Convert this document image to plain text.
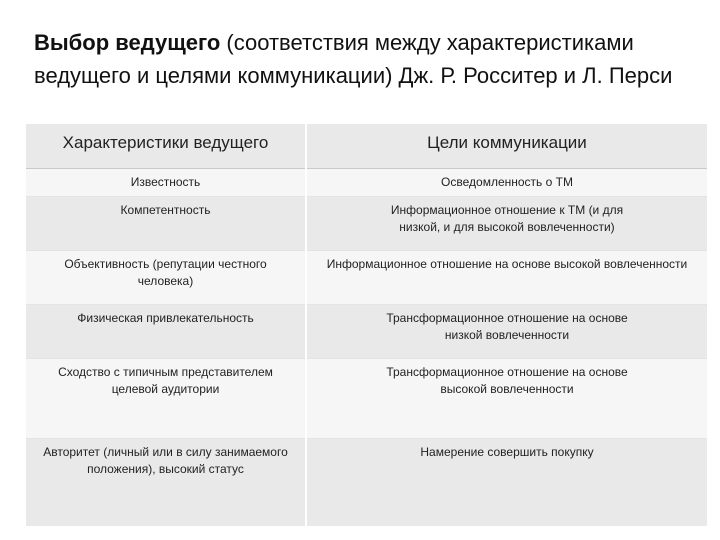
Выбор ведущего (соответствия между характеристиками ведущего и целями коммуникации) Дж. Р. Росситер и Л. Перси
Характеристики ведущего	Цели коммуникации

Известность	Осведомленность о ТМ

Компетентность	Информационное отношение к ТМ (и для низкой, и для высокой вовлеченности)

Объективность (репутации честного человека)	Информационное отношение на основе высокой вовлеченности

Физическая привлекательность	Трансформационное отношение на основе низкой вовлеченности

Сходство с типичным представителем целевой аудитории	Трансформационное отношение на основе высокой вовлеченности

Авторитет (личный или в силу занимаемого положения), высокий статус	Намерение совершить покупку
